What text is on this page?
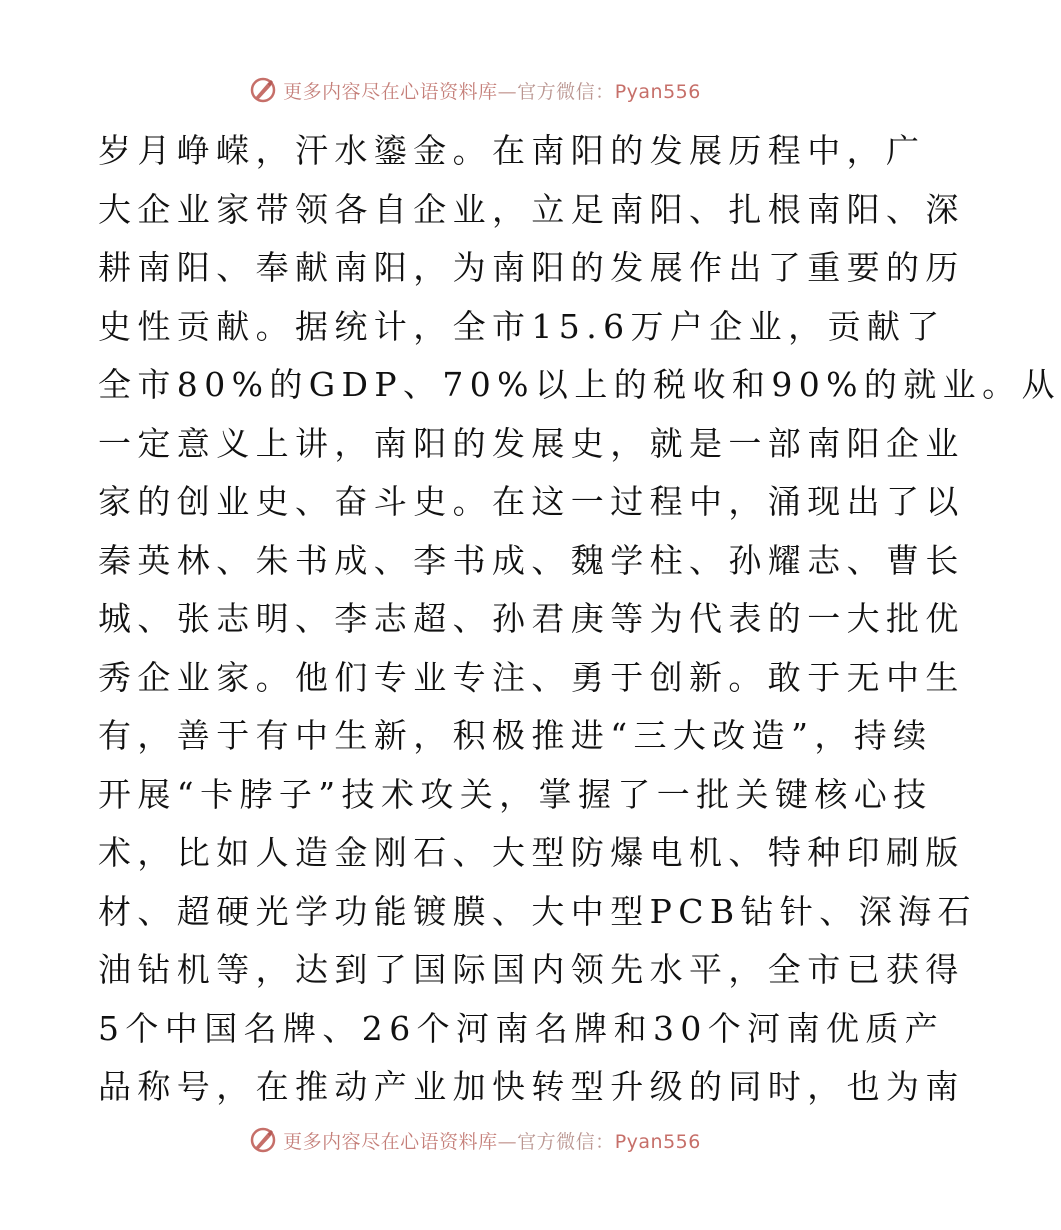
更多内容尽在心语资料库—官方微信：Pyan556
岁月峥嵘，汗水鎏金。在南阳的发展历程中，广
大企业家带领各自企业，立足南阳、扎根南阳、深
耕南阳、奉献南阳，为南阳的发展作出了重要的历
史性贡献。据统计，全市15.6万户企业，贡献了
全市80%的GDP、70%以上的税收和90%的就业。从
一定意义上讲，南阳的发展史，就是一部南阳企业
家的创业史、奋斗史。在这一过程中，涌现出了以
秦英林、朱书成、李书成、魏学柱、孙耀志、曹长
城、张志明、李志超、孙君庚等为代表的一大批优
秀企业家。他们专业专注、勇于创新。敢于无中生
有，善于有中生新，积极推进“三大改造”，持续
开展“卡脖子”技术攻关，掌握了一批关键核心技
术，比如人造金刚石、大型防爆电机、特种印刷版
材、超硬光学功能镀膜、大中型PCB钻针、深海石
油钻机等，达到了国际国内领先水平，全市已获得
5个中国名牌、26个河南名牌和30个河南优质产
品称号，在推动产业加快转型升级的同时，也为南
更多内容尽在心语资料库—官方微信：Pyan556
